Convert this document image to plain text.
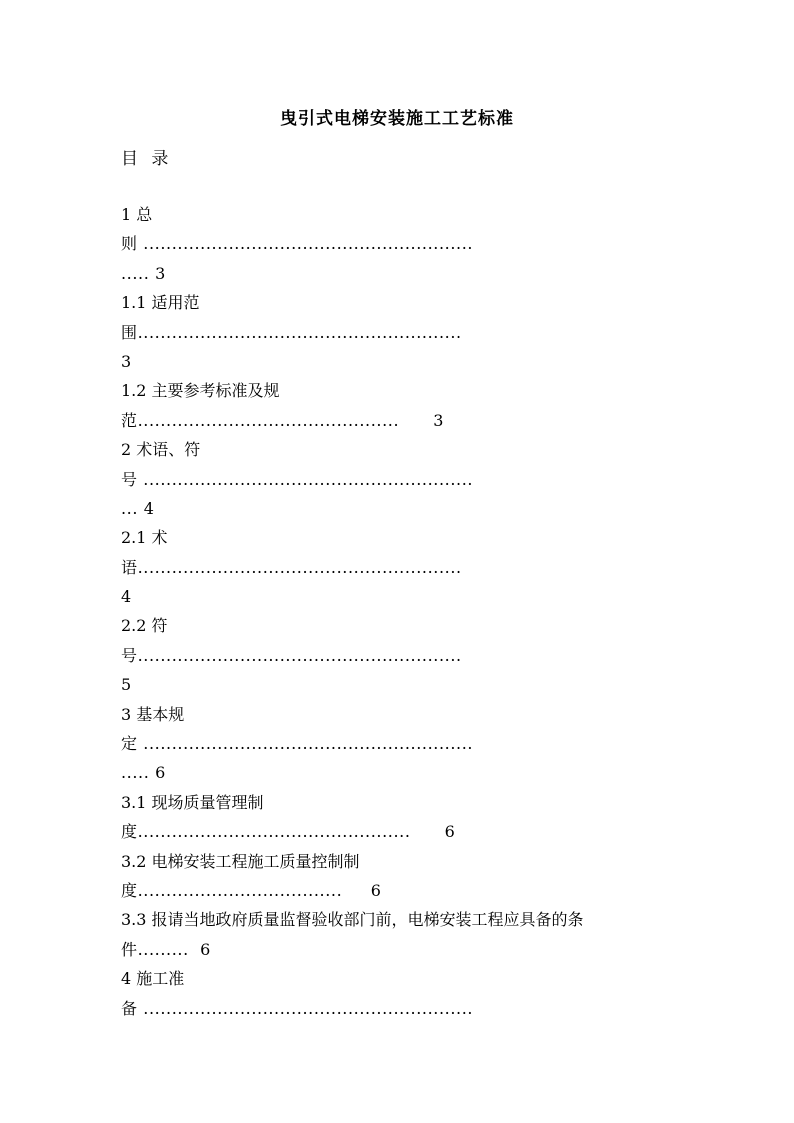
曳引式电梯安装施工工艺标准
目 录
1 总
则 ..........................................................
..... 3
1.1 适用范
围.........................................................
3
1.2 主要参考标准及规
范..............................................      3
2 术语、符
号 ..........................................................
... 4
2.1 术
语.........................................................
4
2.2 符
号.........................................................
5
3 基本规
定 ..........................................................
..... 6
3.1 现场质量管理制
度................................................      6
3.2 电梯安装工程施工质量控制制
度....................................     6
3.3 报请当地政府质量监督验收部门前，电梯安装工程应具备的条
件.........  6
4 施工准
备 ..........................................................
